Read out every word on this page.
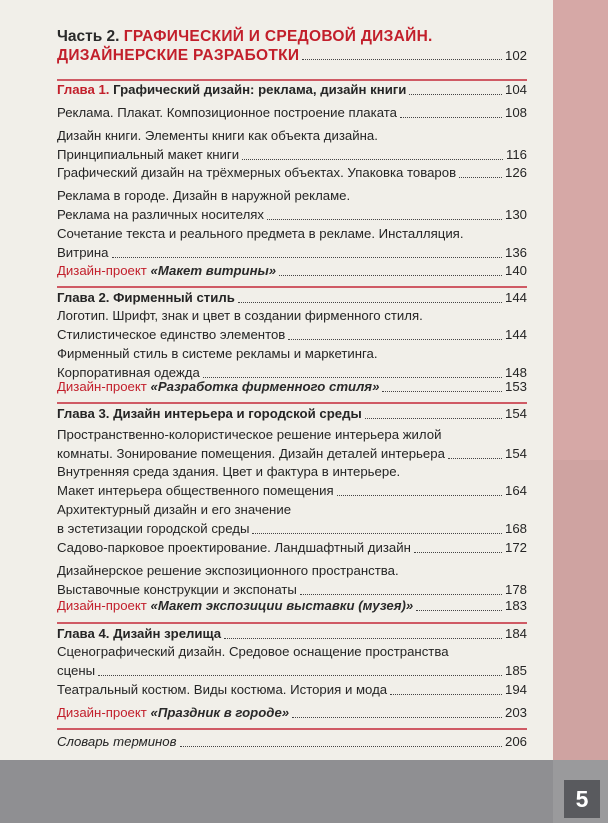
5
Часть 2. ГРАФИЧЕСКИЙ И СРЕДОВОЙ ДИЗАЙН.
ДИЗАЙНЕРСКИЕ РАЗРАБОТКИ	102
Глава 1. Графический дизайн: реклама, дизайн книги	104
Реклама. Плакат. Композиционное построение плаката	108
Дизайн книги. Элементы книги как объекта дизайна.
Принципиальный макет книги	116
Графический дизайн на трёхмерных объектах. Упаковка товаров	126
Реклама в городе. Дизайн в наружной рекламе.
Реклама на различных носителях	130
Сочетание текста и реального предмета в рекламе. Инсталляция.
Витрина	136
Дизайн-проект «Макет витрины»	140
Глава 2. Фирменный стиль	144
Логотип. Шрифт, знак и цвет в создании фирменного стиля.
Стилистическое единство элементов	144
Фирменный стиль в системе рекламы и маркетинга.
Корпоративная одежда	148
Дизайн-проект «Разработка фирменного стиля»	153
Глава 3. Дизайн интерьера и городской среды	154
Пространственно-колористическое решение интерьера жилой
комнаты. Зонирование помещения. Дизайн деталей интерьера	154
Внутренняя среда здания. Цвет и фактура в интерьере.
Макет интерьера общественного помещения	164
Архитектурный дизайн и его значение
в эстетизации городской среды	168
Садово-парковое проектирование. Ландшафтный дизайн	172
Дизайнерское решение экспозиционного пространства.
Выставочные конструкции и экспонаты	178
Дизайн-проект «Макет экспозиции выставки (музея)»	183
Глава 4. Дизайн зрелища	184
Сценографический дизайн. Средовое оснащение пространства
сцены	185
Театральный костюм. Виды костюма. История и мода	194
Дизайн-проект «Праздник в городе»	203
Словарь терминов	206
